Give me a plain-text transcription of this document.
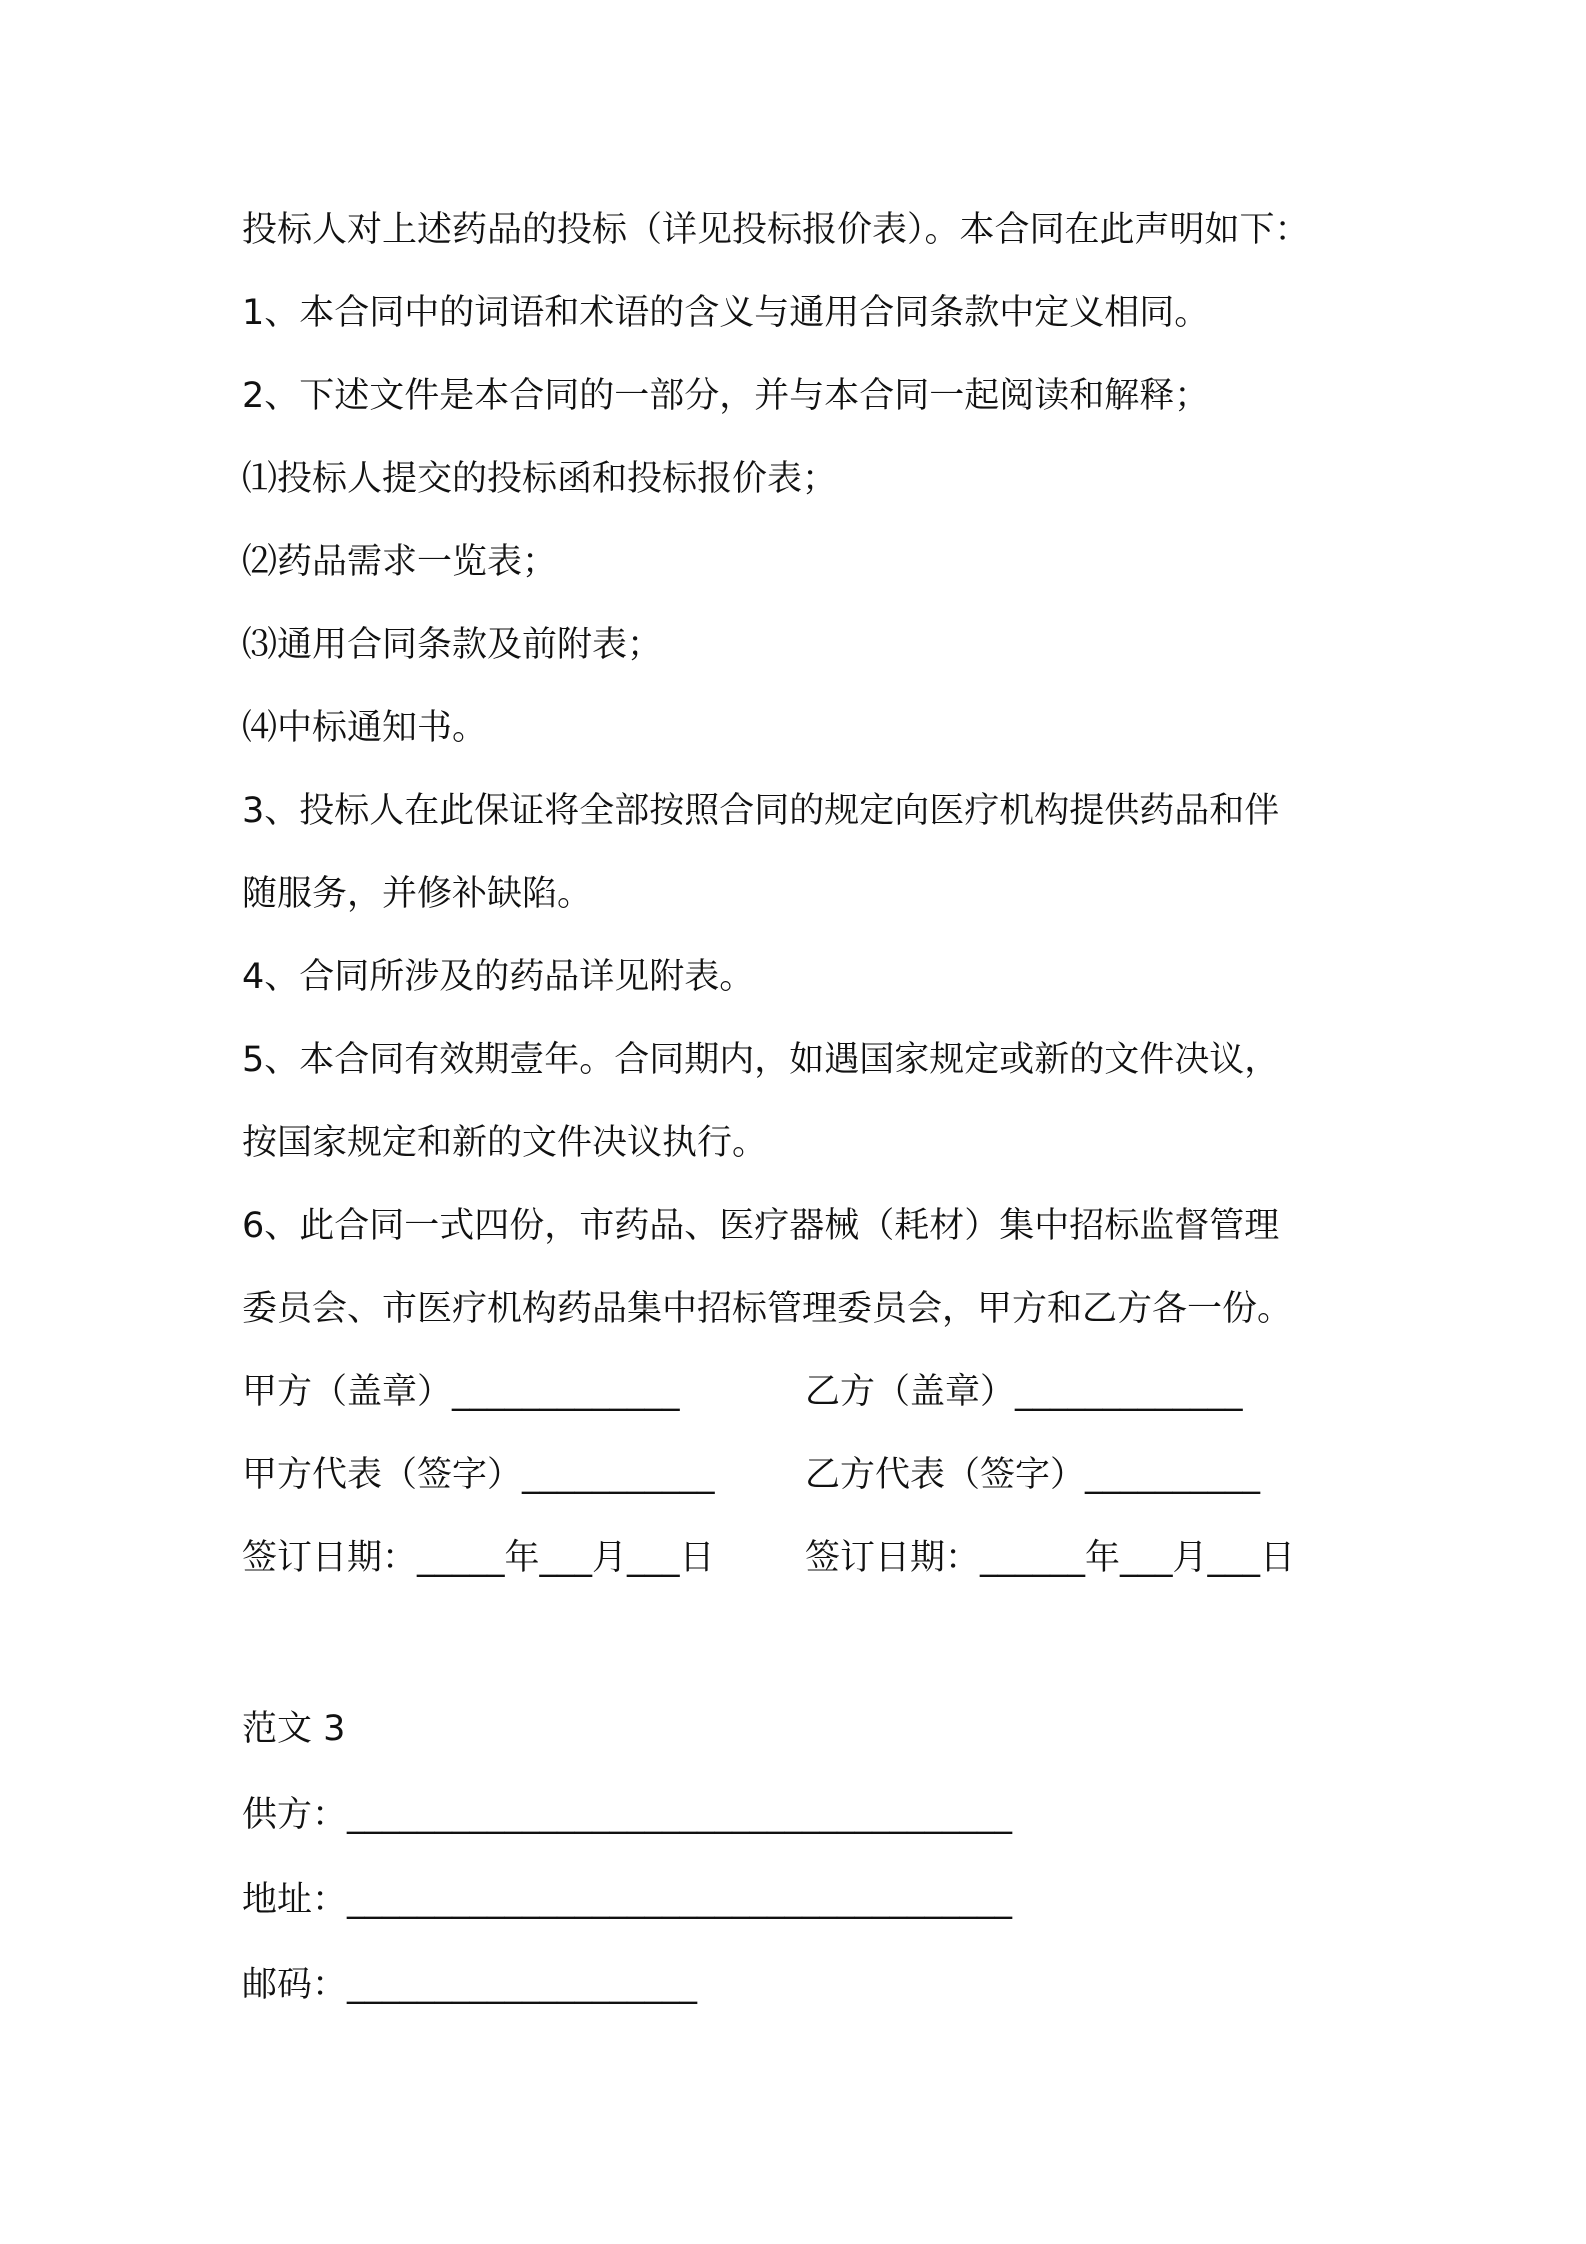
投标人对上述药品的投标（详见投标报价表）。本合同在此声明如下：
1、本合同中的词语和术语的含义与通用合同条款中定义相同。
2、下述文件是本合同的一部分，并与本合同一起阅读和解释；
⑴投标人提交的投标函和投标报价表；
⑵药品需求一览表；
⑶通用合同条款及前附表；
⑷中标通知书。
3、投标人在此保证将全部按照合同的规定向医疗机构提供药品和伴
随服务，并修补缺陷。
4、合同所涉及的药品详见附表。
5、本合同有效期壹年。合同期内，如遇国家规定或新的文件决议，
按国家规定和新的文件决议执行。
6、此合同一式四份，市药品、医疗器械（耗材）集中招标监督管理
委员会、市医疗机构药品集中招标管理委员会，甲方和乙方各一份。
甲方（盖章）_____________	乙方（盖章）_____________
甲方代表（签字）___________	乙方代表（签字）__________
签订日期：_____年___月___日	签订日期：______年___月___日
范文 3
供方：______________________________________
地址：______________________________________
邮码：____________________
